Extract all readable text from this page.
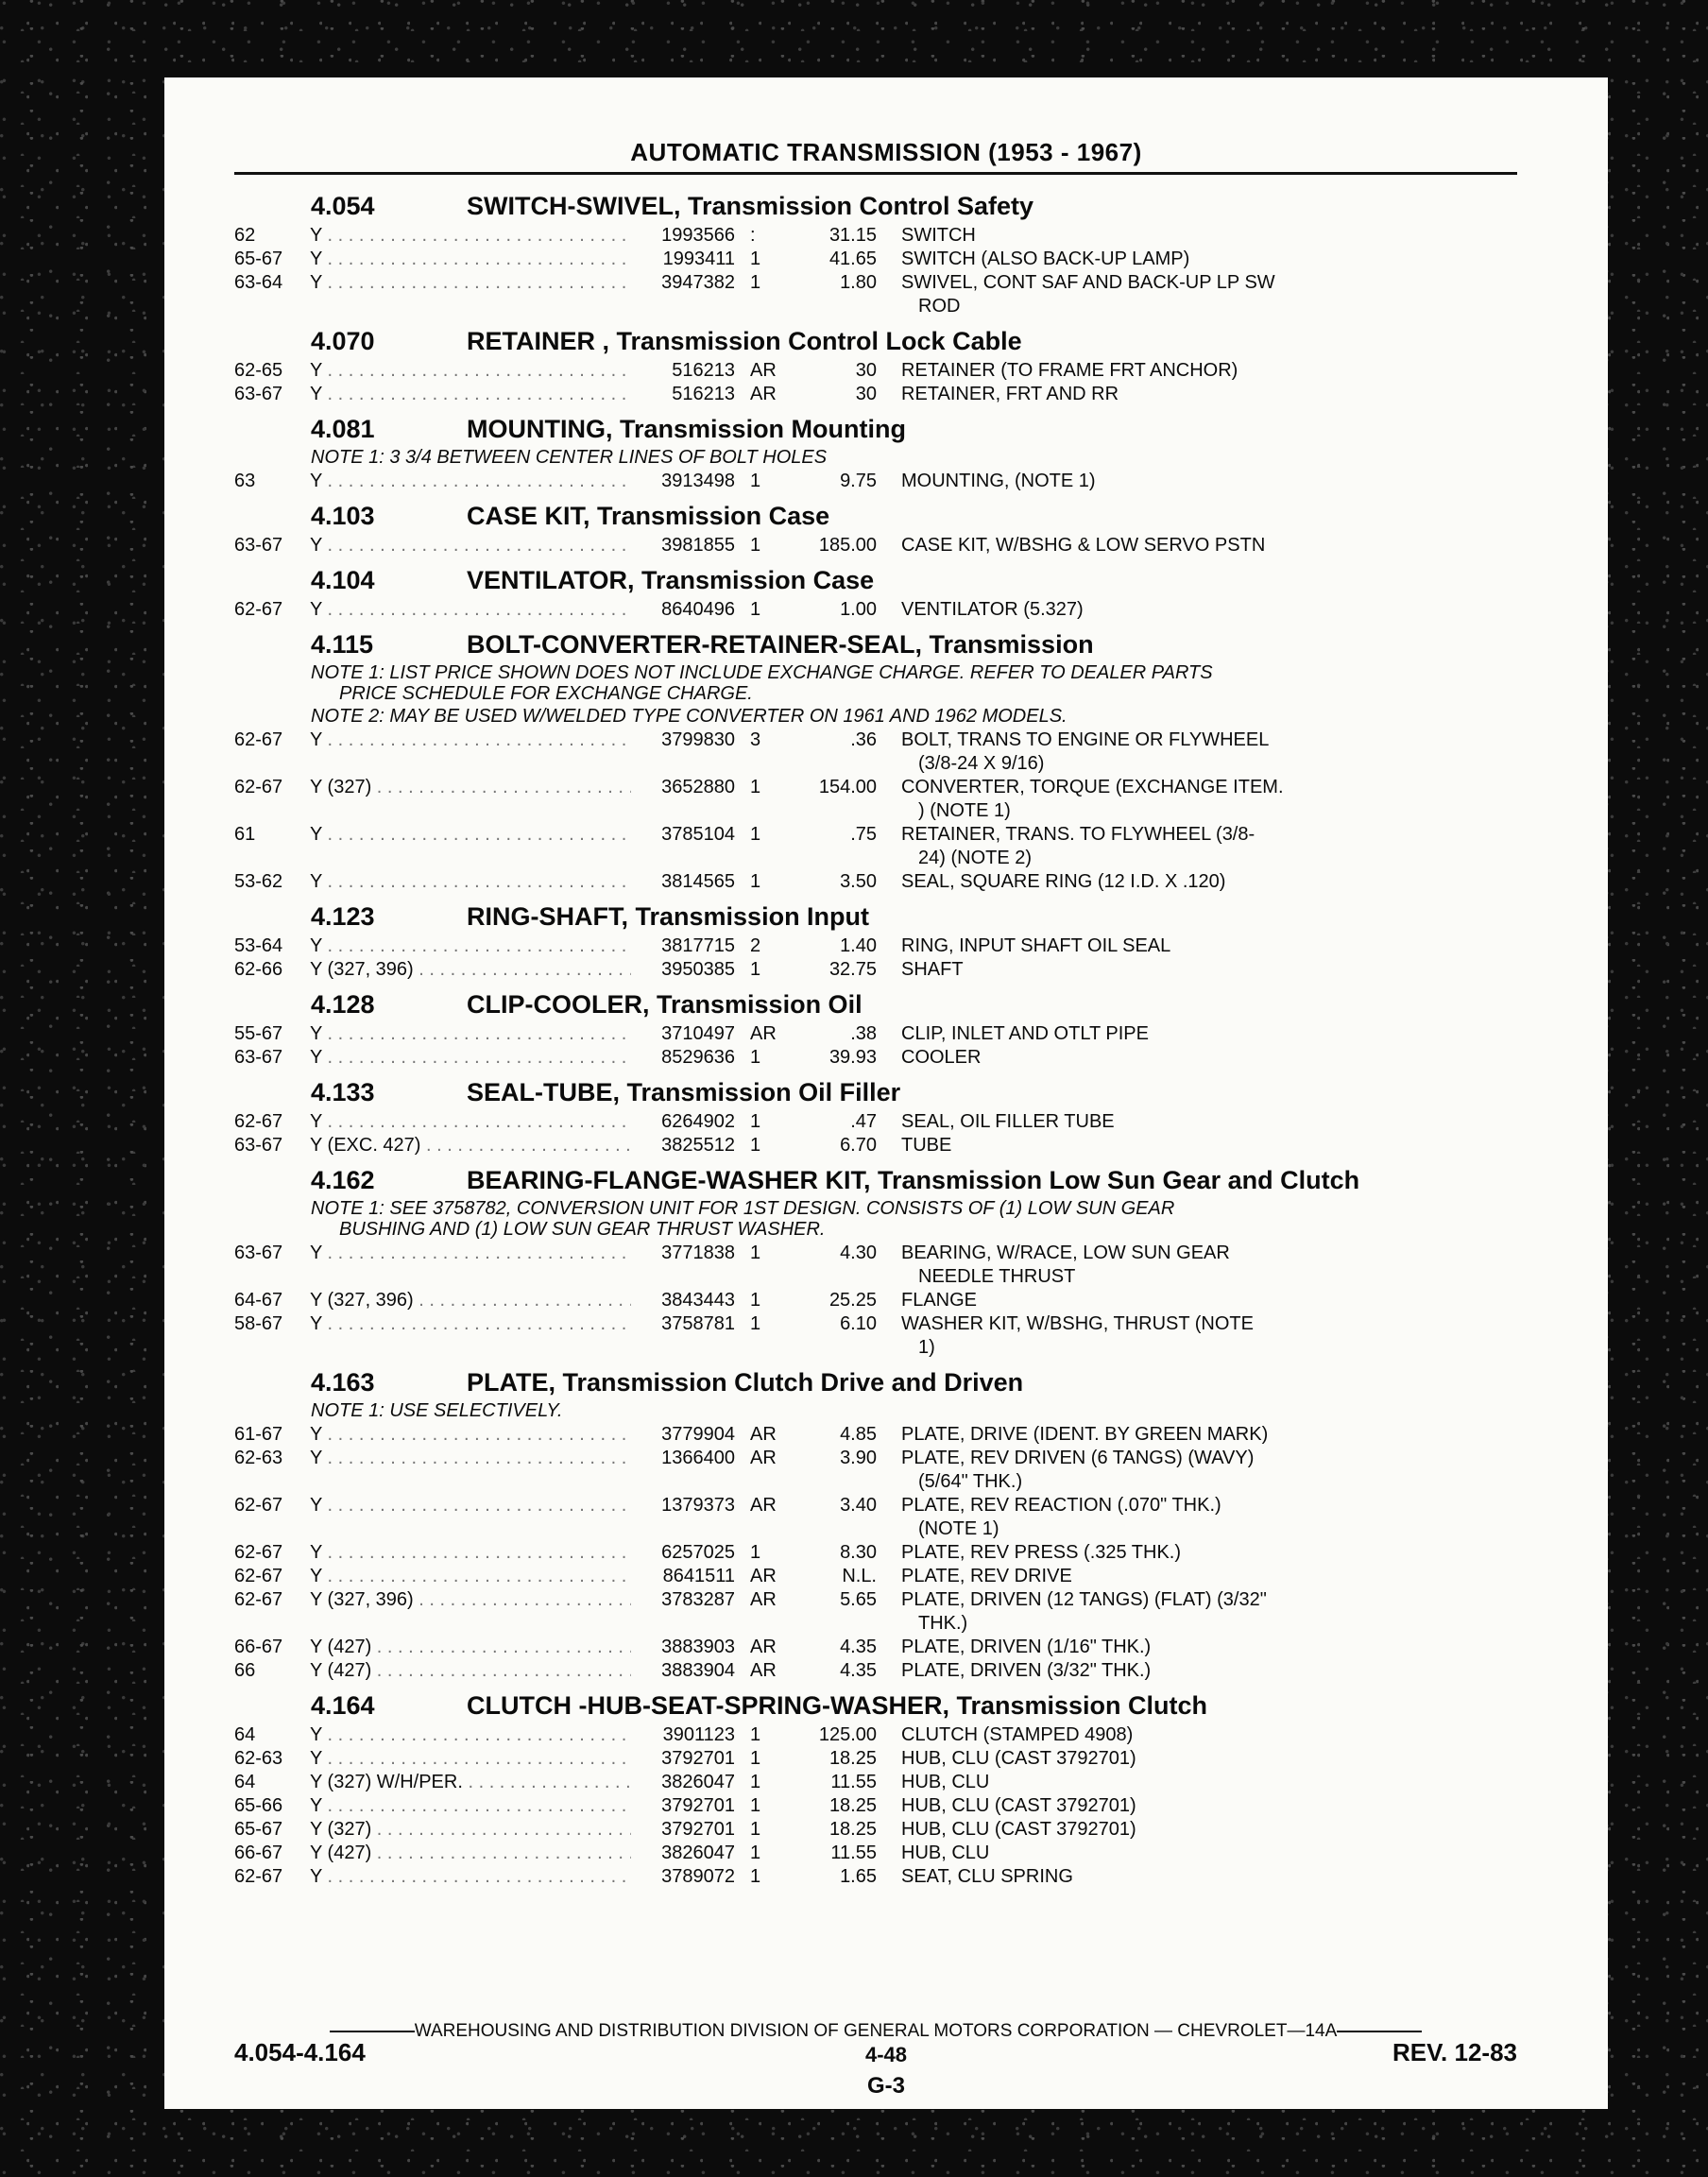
AUTOMATIC TRANSMISSION (1953 - 1967)
4.054	SWITCH-SWIVEL, Transmission Control Safety
62	Y . . .	1993566 :	31.15 SWITCH
65-67	Y . . .	1993411 1	41.65 SWITCH (ALSO BACK-UP LAMP)
63-64	Y . . .	3947382 1	1.80 SWIVEL, CONT SAF AND BACK-UP LP SW
ROD
4.070	RETAINER , Transmission Control Lock Cable
62-65	Y . . .	516213 AR	30 RETAINER (TO FRAME FRT ANCHOR)
63-67	Y . . .	516213 AR	30 RETAINER, FRT AND RR
4.081	MOUNTING, Transmission Mounting
NOTE 1: 3 3/4 BETWEEN CENTER LINES OF BOLT HOLES
63	Y . . .	3913498 1	9.75 MOUNTING, (NOTE 1)
4.103	CASE KIT, Transmission Case
63-67	Y . . .	3981855 1	185.00 CASE KIT, W/BSHG & LOW SERVO PSTN
4.104	VENTILATOR, Transmission Case
62-67	Y . . .	8640496 1	1.00 VENTILATOR (5.327)
4.115	BOLT-CONVERTER-RETAINER-SEAL, Transmission
NOTE 1: LIST PRICE SHOWN DOES NOT INCLUDE EXCHANGE CHARGE. REFER TO DEALER PARTS
PRICE SCHEDULE FOR EXCHANGE CHARGE.
NOTE 2: MAY BE USED W/WELDED TYPE CONVERTER ON 1961 AND 1962 MODELS.
62-67	Y . . .	3799830 3	.36 BOLT, TRANS TO ENGINE OR FLYWHEEL
(3/8-24 X 9/16)
62-67	Y (327) . . .	3652880 1	154.00 CONVERTER, TORQUE (EXCHANGE ITEM.
) (NOTE 1)
61	Y . . .	3785104 1	.75 RETAINER, TRANS. TO FLYWHEEL (3/8-
24) (NOTE 2)
53-62	Y . . .	3814565 1	3.50 SEAL, SQUARE RING (12 I.D. X .120)
4.123	RING-SHAFT, Transmission Input
53-64	Y . . .	3817715 2	1.40 RING, INPUT SHAFT OIL SEAL
62-66	Y (327, 396) . . .	3950385 1	32.75 SHAFT
4.128	CLIP-COOLER, Transmission Oil
55-67	Y . . .	3710497 AR	.38 CLIP, INLET AND OTLT PIPE
63-67	Y . . .	8529636 1	39.93 COOLER
4.133	SEAL-TUBE, Transmission Oil Filler
62-67	Y . . .	6264902 1	.47 SEAL, OIL FILLER TUBE
63-67	Y (EXC. 427) . . .	3825512 1	6.70 TUBE
4.162	BEARING-FLANGE-WASHER KIT, Transmission Low Sun Gear and Clutch
NOTE 1: SEE 3758782, CONVERSION UNIT FOR 1ST DESIGN. CONSISTS OF (1) LOW SUN GEAR
BUSHING AND (1) LOW SUN GEAR THRUST WASHER.
63-67	Y . . .	3771838 1	4.30 BEARING, W/RACE, LOW SUN GEAR
NEEDLE THRUST
64-67	Y (327, 396) . . .	3843443 1	25.25 FLANGE
58-67	Y . . .	3758781 1	6.10 WASHER KIT, W/BSHG, THRUST (NOTE
1)
4.163	PLATE, Transmission Clutch Drive and Driven
NOTE 1: USE SELECTIVELY.
61-67	Y . . .	3779904 AR	4.85 PLATE, DRIVE (IDENT. BY GREEN MARK)
62-63	Y . . .	1366400 AR	3.90 PLATE, REV DRIVEN (6 TANGS) (WAVY)
(5/64" THK.)
62-67	Y . . .	1379373 AR	3.40 PLATE, REV REACTION (.070" THK.)
(NOTE 1)
62-67	Y . . .	6257025 1	8.30 PLATE, REV PRESS (.325 THK.)
62-67	Y . . .	8641511 AR	N.L. PLATE, REV DRIVE
62-67	Y (327, 396) . . .	3783287 AR	5.65 PLATE, DRIVEN (12 TANGS) (FLAT) (3/32"
THK.)
66-67	Y (427) . . .	3883903 AR	4.35 PLATE, DRIVEN (1/16" THK.)
66	Y (427) . . .	3883904 AR	4.35 PLATE, DRIVEN (3/32" THK.)
4.164	CLUTCH -HUB-SEAT-SPRING-WASHER, Transmission Clutch
64	Y . . .	3901123 1	125.00 CLUTCH (STAMPED 4908)
62-63	Y . . .	3792701 1	18.25 HUB, CLU (CAST 3792701)
64	Y (327) W/H/PER. . . .	3826047 1	11.55 HUB, CLU
65-66	Y . . .	3792701 1	18.25 HUB, CLU (CAST 3792701)
65-67	Y (327) . . .	3792701 1	18.25 HUB, CLU (CAST 3792701)
66-67	Y (427) . . .	3826047 1	11.55 HUB, CLU
62-67	Y . . .	3789072 1	1.65 SEAT, CLU SPRING
WAREHOUSING AND DISTRIBUTION DIVISION OF GENERAL MOTORS CORPORATION — CHEVROLET—14A
4.054-4.164	4-48	REV. 12-83
G-3
